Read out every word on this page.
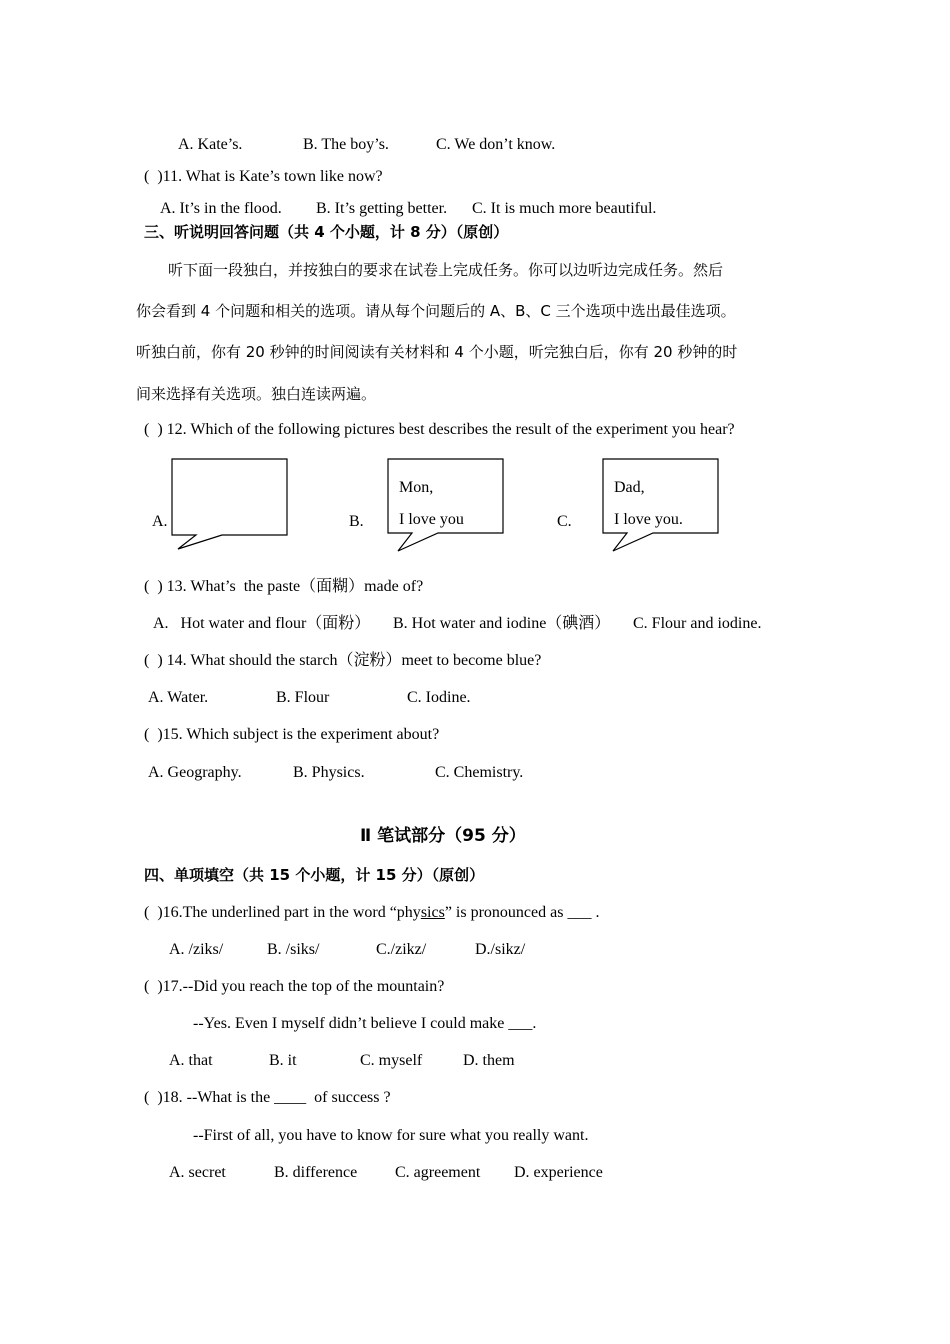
A. Kate’s.	B. The boy’s.	C. We don’t know.
(  )11. What is Kate’s town like now?
A. It’s in the flood. B. It’s getting better. C. It is much more beautiful.
三、听说明回答问题（共 4 个小题，计 8 分）（原创）
听下面一段独白，并按独白的要求在试卷上完成任务。你可以边听边完成任务。然后
你会看到 4 个问题和相关的选项。请从每个问题后的 A、B、C 三个选项中选出最佳选项。
听独白前，你有 20 秒钟的时间阅读有关材料和 4 个小题，听完独白后，你有 20 秒钟的时
间来选择有关选项。独白连读两遍。
(  ) 12. Which of the following pictures best describes the result of the experiment you hear?
A.	B.
Mon,
I love you	C.
Dad,
I love you.
(  ) 13. What’s  the paste（面糊）made of?
A.   Hot water and flour（面粉） B. Hot water and iodine（碘酒） C. Flour and iodine.
(  ) 14. What should the starch（淀粉）meet to become blue?
A. Water.	B. Flour	C. Iodine.
(  )15. Which subject is the experiment about?
A. Geography.	B. Physics.	C. Chemistry.
Ⅱ 笔试部分（95 分）
四、单项填空（共 15 个小题，计 15 分）（原创）
(  )16.The underlined part in the word “physics” is pronounced as ___ .
A. /ziks/	B. /siks/	C./zikz/	D./sikz/
(  )17.--Did you reach the top of the mountain?
--Yes. Even I myself didn’t believe I could make ___.
A. that	B. it	C. myself	D. them
(  )18. --What is the ____  of success ?
--First of all, you have to know for sure what you really want.
A. secret	B. difference C. agreement D. experience
